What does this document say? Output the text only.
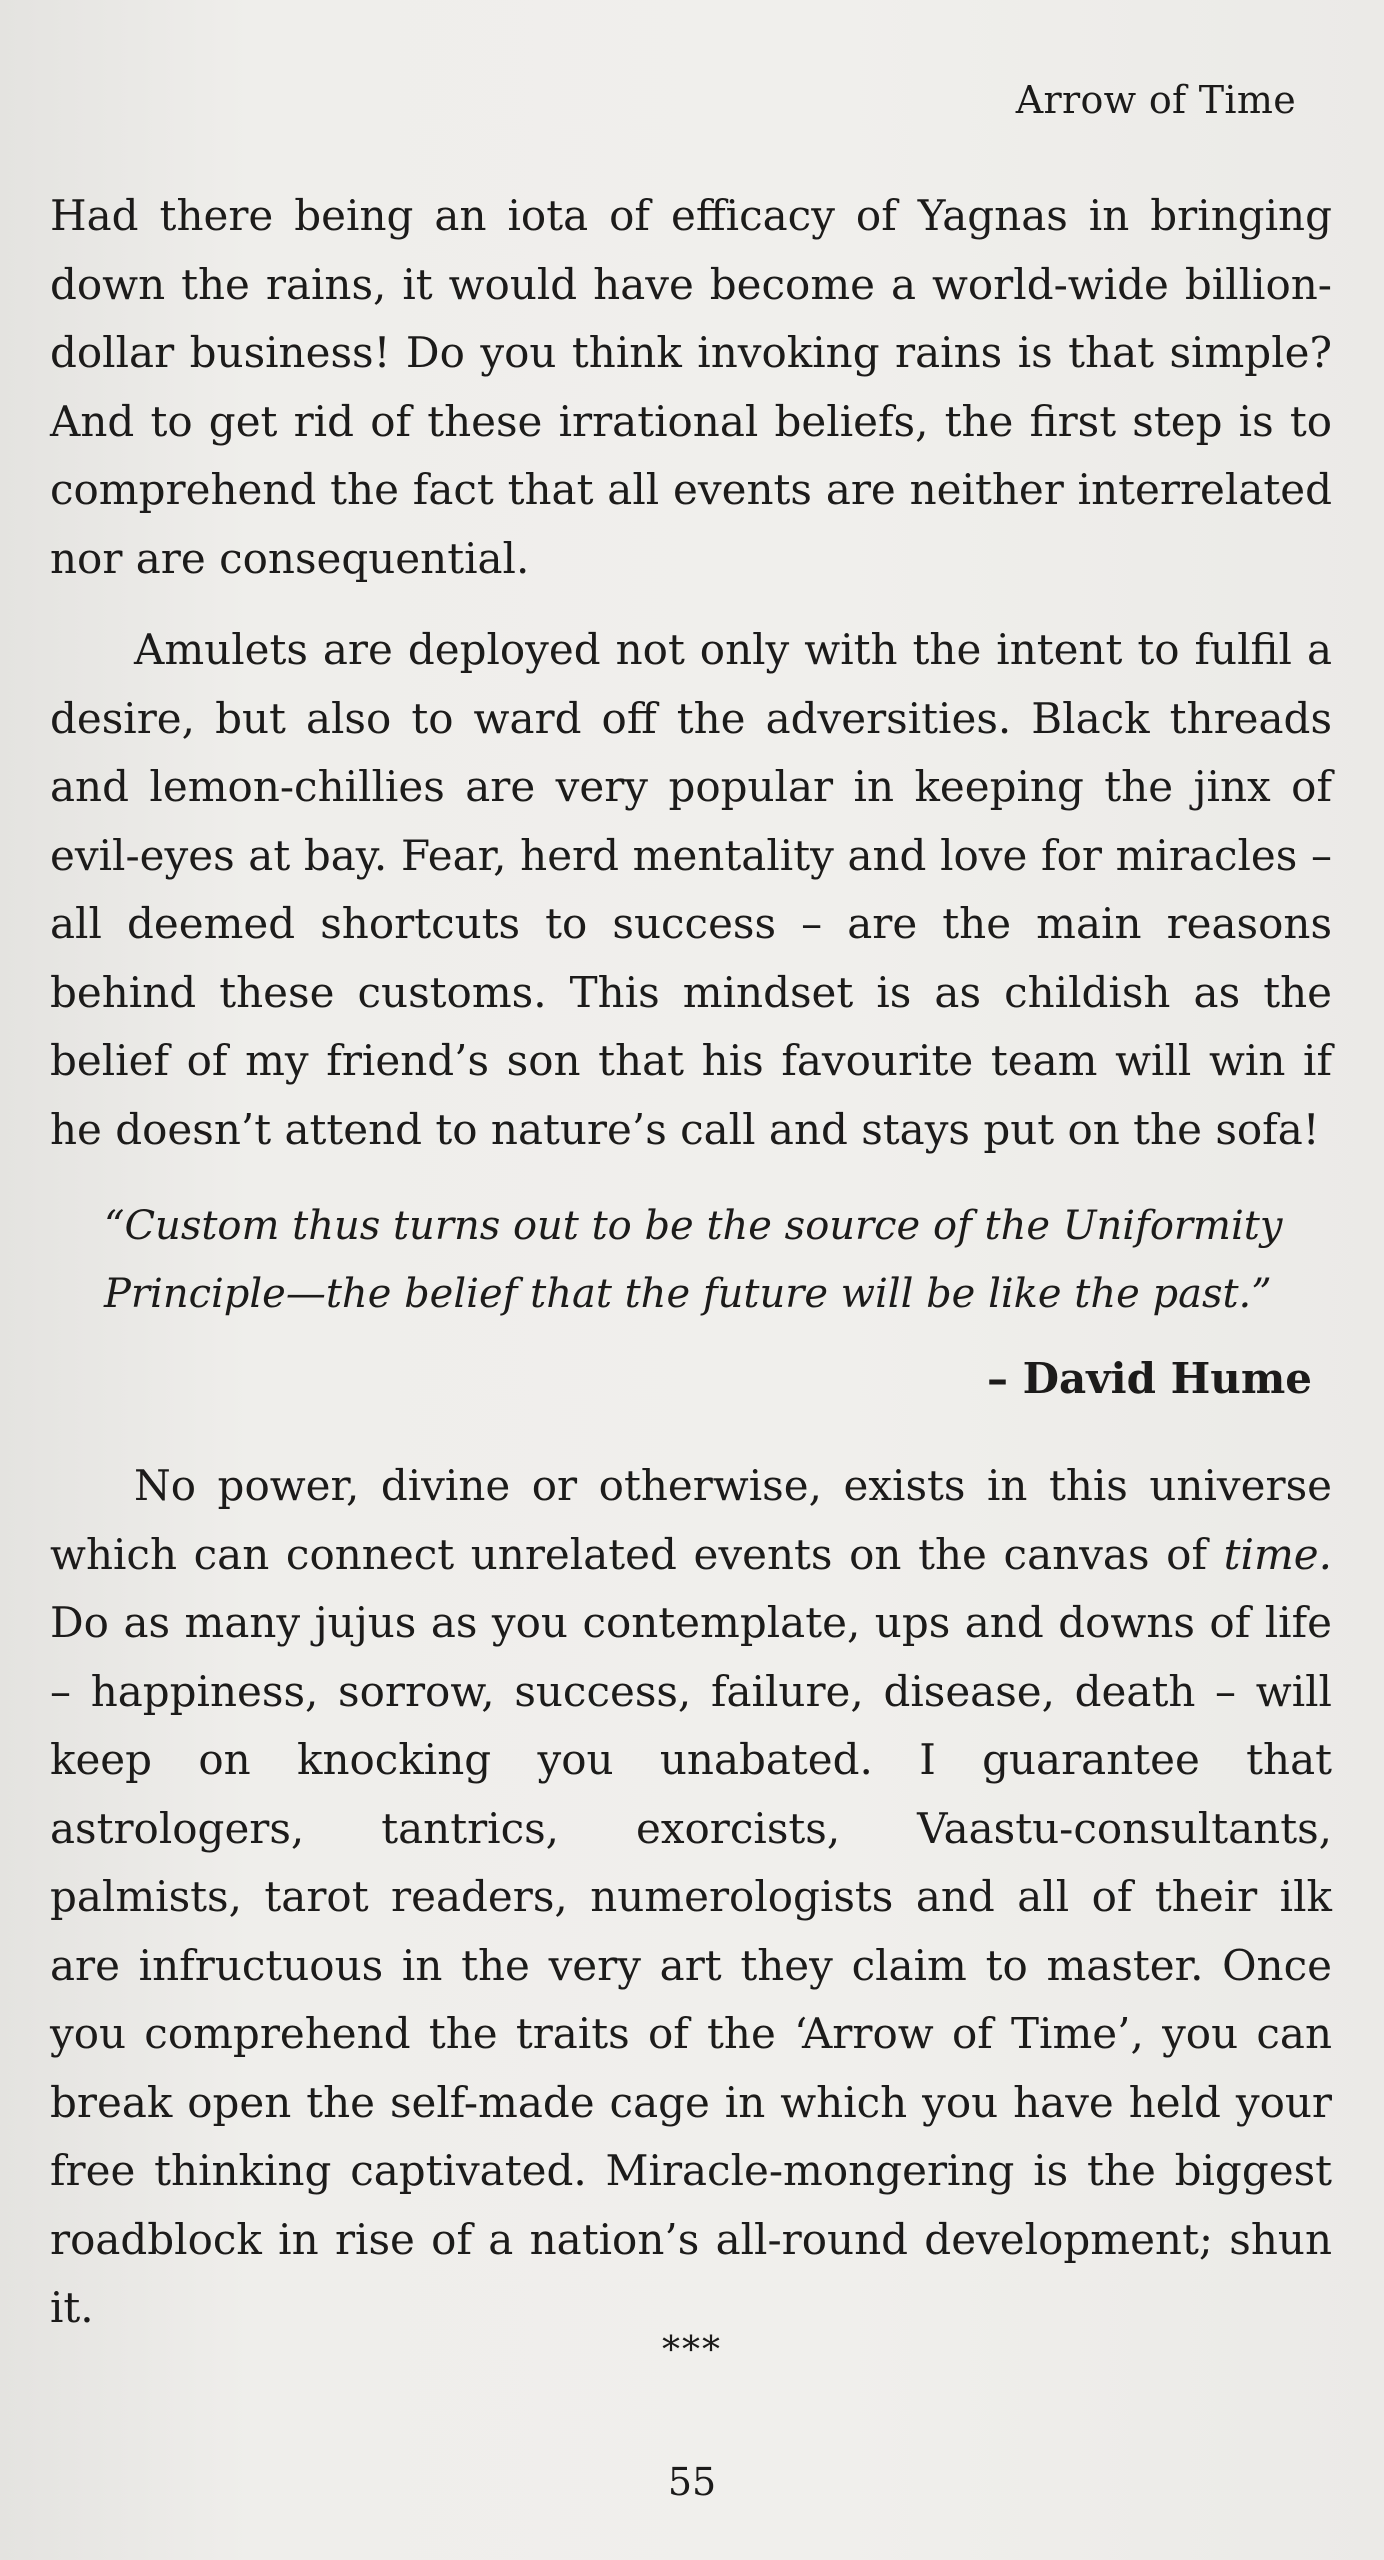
Arrow of Time

Had there being an iota of efficacy of Yagnas in bringing down the rains, it would have become a world-wide billion-dollar business! Do you think invoking rains is that simple? And to get rid of these irrational beliefs, the first step is to comprehend the fact that all events are neither interrelated nor are consequential.

Amulets are deployed not only with the intent to fulfil a desire, but also to ward off the adversities. Black threads and lemon-chillies are very popular in keeping the jinx of evil-eyes at bay. Fear, herd mentality and love for miracles – all deemed shortcuts to success – are the main reasons behind these customs. This mindset is as childish as the belief of my friend’s son that his favourite team will win if he doesn’t attend to nature’s call and stays put on the sofa!

“Custom thus turns out to be the source of the Uniformity Principle—the belief that the future will be like the past.”
– David Hume

No power, divine or otherwise, exists in this universe which can connect unrelated events on the canvas of time. Do as many jujus as you contemplate, ups and downs of life – happiness, sorrow, success, failure, disease, death – will keep on knocking you unabated. I guarantee that astrologers, tantrics, exorcists, Vaastu-consultants, palmists, tarot readers, numerologists and all of their ilk are infructuous in the very art they claim to master. Once you comprehend the traits of the ‘Arrow of Time’, you can break open the self-made cage in which you have held your free thinking captivated. Miracle-mongering is the biggest roadblock in rise of a nation’s all-round development; shun it.

***
55
